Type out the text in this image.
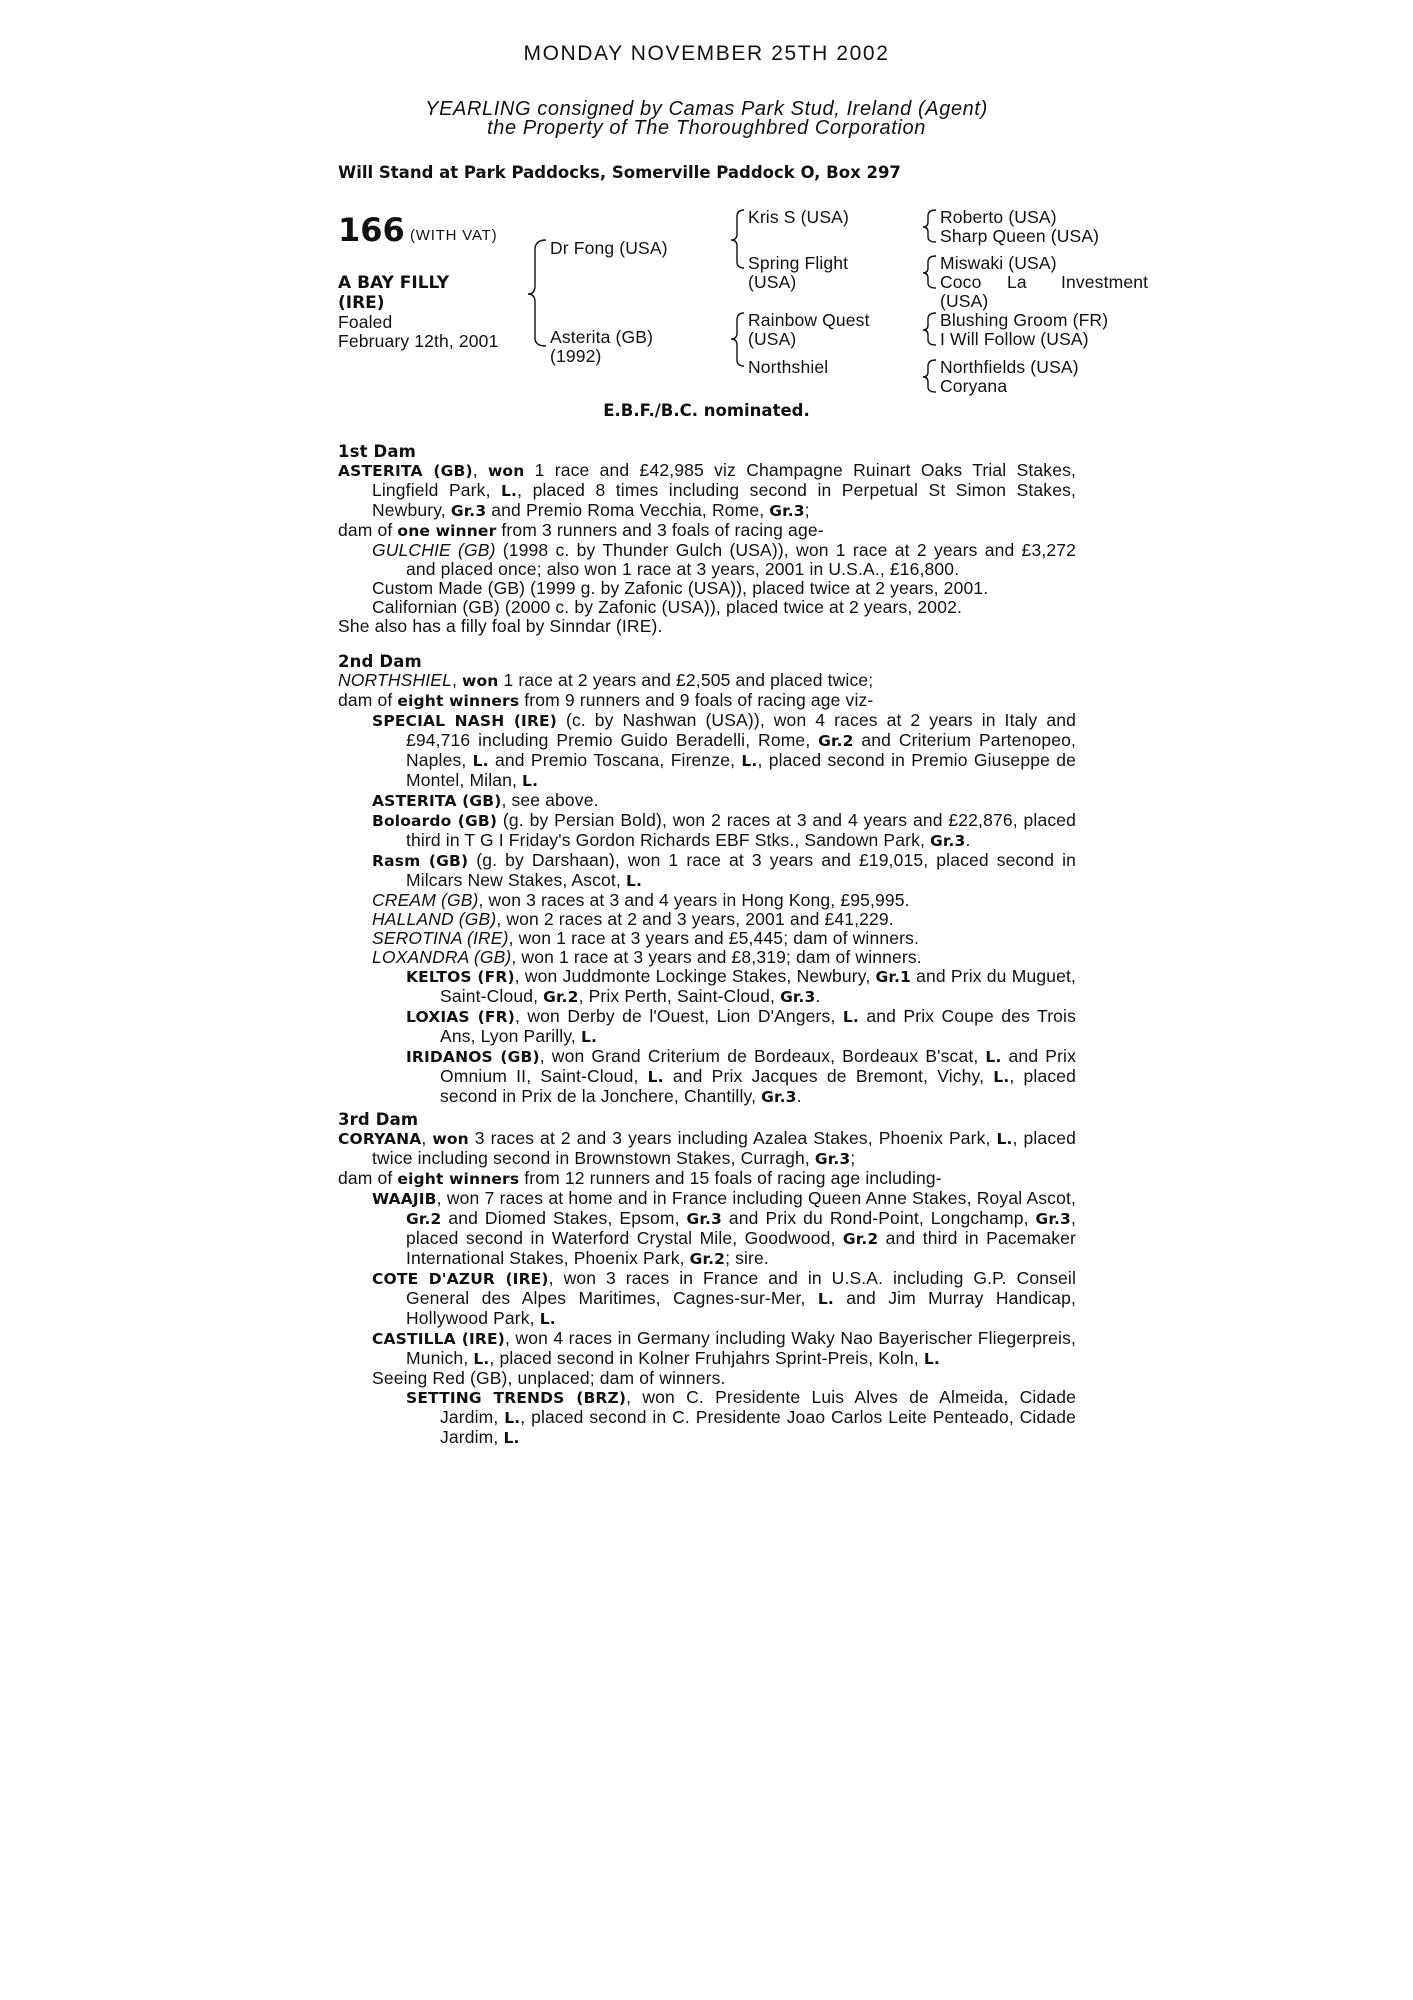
MONDAY NOVEMBER 25TH 2002
YEARLING consigned by Camas Park Stud, Ireland (Agent)
the Property of The Thoroughbred Corporation
Will Stand at Park Paddocks, Somerville Paddock O, Box 297
166 (WITH VAT)
A BAY FILLY
(IRE)
Foaled
February 12th, 2001
Dr Fong (USA)
Asterita (GB)
(1992)
Kris S (USA)
Spring Flight
(USA)
Rainbow Quest
(USA)
Northshiel
Roberto (USA)
Sharp Queen (USA)
Miswaki (USA)
Coco La Investment
(USA)
Blushing Groom (FR)
I Will Follow (USA)
Northfields (USA)
Coryana
E.B.F./B.C. nominated.
1st Dam
ASTERITA (GB), won 1 race and £42,985 viz Champagne Ruinart Oaks Trial Stakes, Lingfield Park, L., placed 8 times including second in Perpetual St Simon Stakes, Newbury, Gr.3 and Premio Roma Vecchia, Rome, Gr.3;
dam of one winner from 3 runners and 3 foals of racing age-
GULCHIE (GB) (1998 c. by Thunder Gulch (USA)), won 1 race at 2 years and £3,272 and placed once; also won 1 race at 3 years, 2001 in U.S.A., £16,800.
Custom Made (GB) (1999 g. by Zafonic (USA)), placed twice at 2 years, 2001.
Californian (GB) (2000 c. by Zafonic (USA)), placed twice at 2 years, 2002.
She also has a filly foal by Sinndar (IRE).
2nd Dam
NORTHSHIEL, won 1 race at 2 years and £2,505 and placed twice;
dam of eight winners from 9 runners and 9 foals of racing age viz-
SPECIAL NASH (IRE) (c. by Nashwan (USA)), won 4 races at 2 years in Italy and £94,716 including Premio Guido Beradelli, Rome, Gr.2 and Criterium Partenopeo, Naples, L. and Premio Toscana, Firenze, L., placed second in Premio Giuseppe de Montel, Milan, L.
ASTERITA (GB), see above.
Boloardo (GB) (g. by Persian Bold), won 2 races at 3 and 4 years and £22,876, placed third in T G I Friday's Gordon Richards EBF Stks., Sandown Park, Gr.3.
Rasm (GB) (g. by Darshaan), won 1 race at 3 years and £19,015, placed second in Milcars New Stakes, Ascot, L.
CREAM (GB), won 3 races at 3 and 4 years in Hong Kong, £95,995.
HALLAND (GB), won 2 races at 2 and 3 years, 2001 and £41,229.
SEROTINA (IRE), won 1 race at 3 years and £5,445; dam of winners.
LOXANDRA (GB), won 1 race at 3 years and £8,319; dam of winners.
KELTOS (FR), won Juddmonte Lockinge Stakes, Newbury, Gr.1 and Prix du Muguet, Saint-Cloud, Gr.2, Prix Perth, Saint-Cloud, Gr.3.
LOXIAS (FR), won Derby de l'Ouest, Lion D'Angers, L. and Prix Coupe des Trois Ans, Lyon Parilly, L.
IRIDANOS (GB), won Grand Criterium de Bordeaux, Bordeaux B'scat, L. and Prix Omnium II, Saint-Cloud, L. and Prix Jacques de Bremont, Vichy, L., placed second in Prix de la Jonchere, Chantilly, Gr.3.
3rd Dam
CORYANA, won 3 races at 2 and 3 years including Azalea Stakes, Phoenix Park, L., placed twice including second in Brownstown Stakes, Curragh, Gr.3;
dam of eight winners from 12 runners and 15 foals of racing age including-
WAAJIB, won 7 races at home and in France including Queen Anne Stakes, Royal Ascot, Gr.2 and Diomed Stakes, Epsom, Gr.3 and Prix du Rond-Point, Longchamp, Gr.3, placed second in Waterford Crystal Mile, Goodwood, Gr.2 and third in Pacemaker International Stakes, Phoenix Park, Gr.2; sire.
COTE D'AZUR (IRE), won 3 races in France and in U.S.A. including G.P. Conseil General des Alpes Maritimes, Cagnes-sur-Mer, L. and Jim Murray Handicap, Hollywood Park, L.
CASTILLA (IRE), won 4 races in Germany including Waky Nao Bayerischer Fliegerpreis, Munich, L., placed second in Kolner Fruhjahrs Sprint-Preis, Koln, L.
Seeing Red (GB), unplaced; dam of winners.
SETTING TRENDS (BRZ), won C. Presidente Luis Alves de Almeida, Cidade Jardim, L., placed second in C. Presidente Joao Carlos Leite Penteado, Cidade Jardim, L.
